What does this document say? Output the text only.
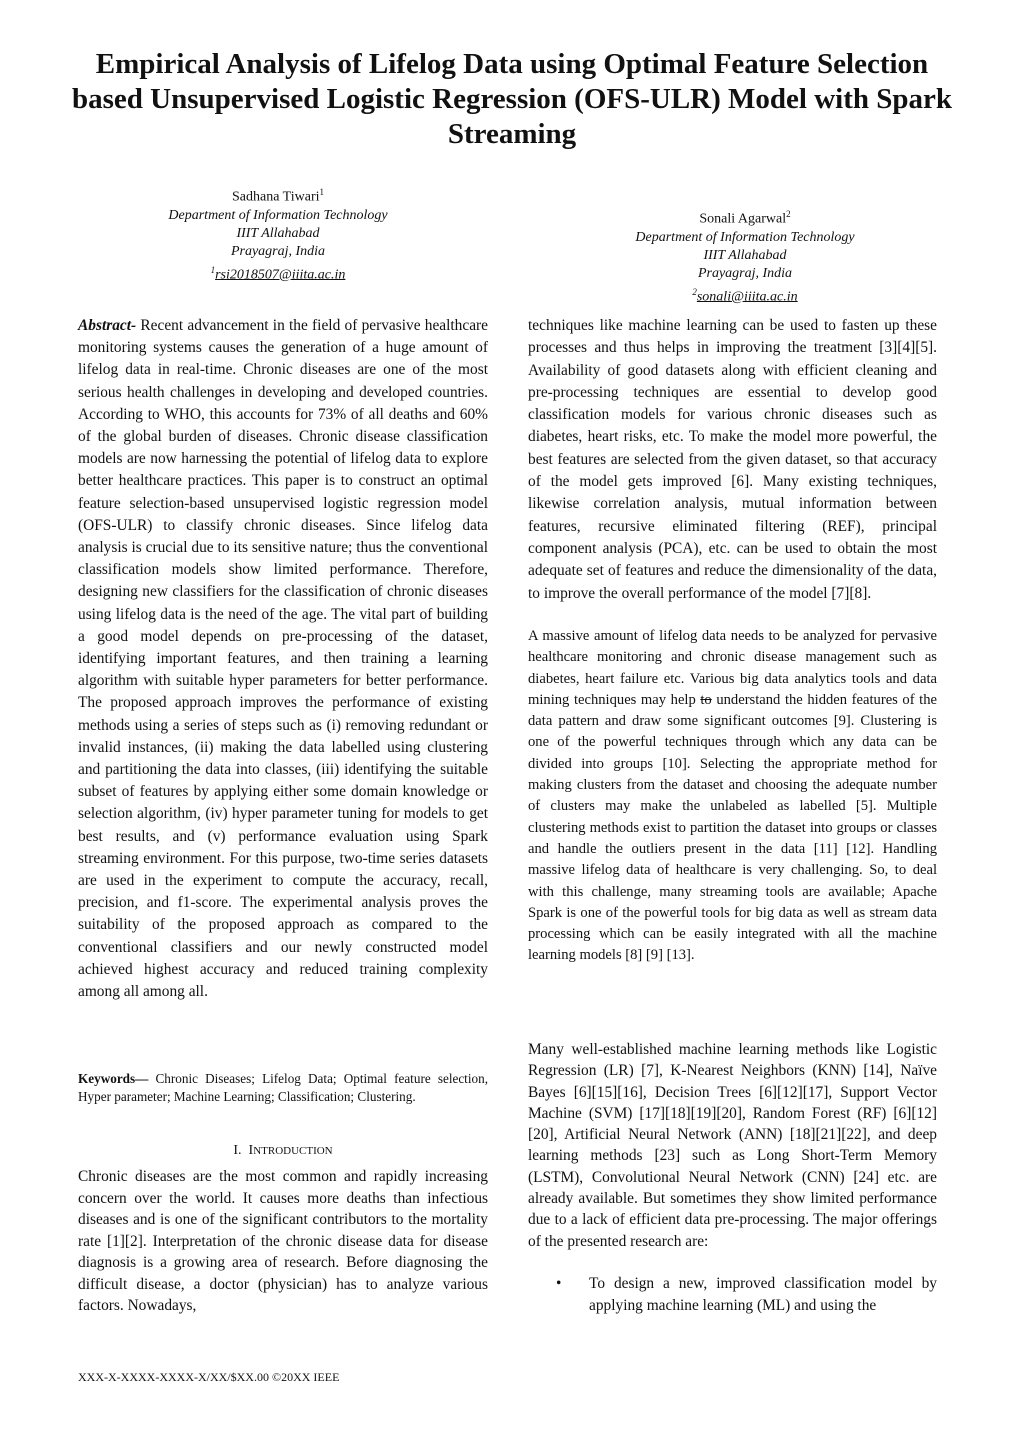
Empirical Analysis of Lifelog Data using Optimal Feature Selection based Unsupervised Logistic Regression (OFS-ULR) Model with Spark Streaming
Sadhana Tiwari$^1$
Department of Information Technology
IIIT Allahabad
Prayagraj, India
$^1$rsi2018507@iiita.ac.in
Sonali Agarwal$^2$
Department of Information Technology
IIIT Allahabad
Prayagraj, India
$^2$sonali@iiita.ac.in

Abstract- Recent advancement in the field of pervasive healthcare monitoring systems causes the generation of a huge amount of lifelog data in real-time. Chronic diseases are one of the most serious health challenges in developing and developed countries. According to WHO, this accounts for 73% of all deaths and 60% of the global burden of diseases. Chronic disease classification models are now harnessing the potential of lifelog data to explore better healthcare practices. This paper is to construct an optimal feature selection-based unsupervised logistic regression model (OFS-ULR) to classify chronic diseases. Since lifelog data analysis is crucial due to its sensitive nature; thus the conventional classification models show limited performance. Therefore, designing new classifiers for the classification of chronic diseases using lifelog data is the need of the age. The vital part of building a good model depends on pre-processing of the dataset, identifying important features, and then training a learning algorithm with suitable hyper parameters for better performance. The proposed approach improves the performance of existing methods using a series of steps such as (i) removing redundant or invalid instances, (ii) making the data labelled using clustering and partitioning the data into classes, (iii) identifying the suitable subset of features by applying either some domain knowledge or selection algorithm, (iv) hyper parameter tuning for models to get best results, and (v) performance evaluation using Spark streaming environment. For this purpose, two-time series datasets are used in the experiment to compute the accuracy, recall, precision, and f1-score. The experimental analysis proves the suitability of the proposed approach as compared to the conventional classifiers and our newly constructed model achieved highest accuracy and reduced training complexity among all among all.

Keywords— Chronic Diseases; Lifelog Data; Optimal feature selection, Hyper parameter; Machine Learning; Classification; Clustering.

I. INTRODUCTION
Chronic diseases are the most common and rapidly increasing concern over the world. It causes more deaths than infectious diseases and is one of the significant contributors to the mortality rate [1][2]. Interpretation of the chronic disease data for disease diagnosis is a growing area of research. Before diagnosing the difficult disease, a doctor (physician) has to analyze various factors. Nowadays,
techniques like machine learning can be used to fasten up these processes and thus helps in improving the treatment [3][4][5]. Availability of good datasets along with efficient cleaning and pre-processing techniques are essential to develop good classification models for various chronic diseases such as diabetes, heart risks, etc. To make the model more powerful, the best features are selected from the given dataset, so that accuracy of the model gets improved [6]. Many existing techniques, likewise correlation analysis, mutual information between features, recursive eliminated filtering (REF), principal component analysis (PCA), etc. can be used to obtain the most adequate set of features and reduce the dimensionality of the data, to improve the overall performance of the model [7][8].
A massive amount of lifelog data needs to be analyzed for pervasive healthcare monitoring and chronic disease management such as diabetes, heart failure etc. Various big data analytics tools and data mining techniques may help to understand the hidden features of the data pattern and draw some significant outcomes [9]. Clustering is one of the powerful techniques through which any data can be divided into groups [10]. Selecting the appropriate method for making clusters from the dataset and choosing the adequate number of clusters may make the unlabeled as labelled [5]. Multiple clustering methods exist to partition the dataset into groups or classes and handle the outliers present in the data [11] [12]. Handling massive lifelog data of healthcare is very challenging. So, to deal with this challenge, many streaming tools are available; Apache Spark is one of the powerful tools for big data as well as stream data processing which can be easily integrated with all the machine learning models [8] [9] [13].
Many well-established machine learning methods like Logistic Regression (LR) [7], K-Nearest Neighbors (KNN) [14], Naïve Bayes [6][15][16], Decision Trees [6][12][17], Support Vector Machine (SVM) [17][18][19][20], Random Forest (RF) [6][12][20], Artificial Neural Network (ANN) [18][21][22], and deep learning methods [23] such as Long Short-Term Memory (LSTM), Convolutional Neural Network (CNN) [24] etc. are already available. But sometimes they show limited performance due to a lack of efficient data pre-processing. The major offerings of the presented research are:
• To design a new, improved classification model by applying machine learning (ML) and using the
XXX-X-XXXX-XXXX-X/XX/$XX.00 ©20XX IEEE
